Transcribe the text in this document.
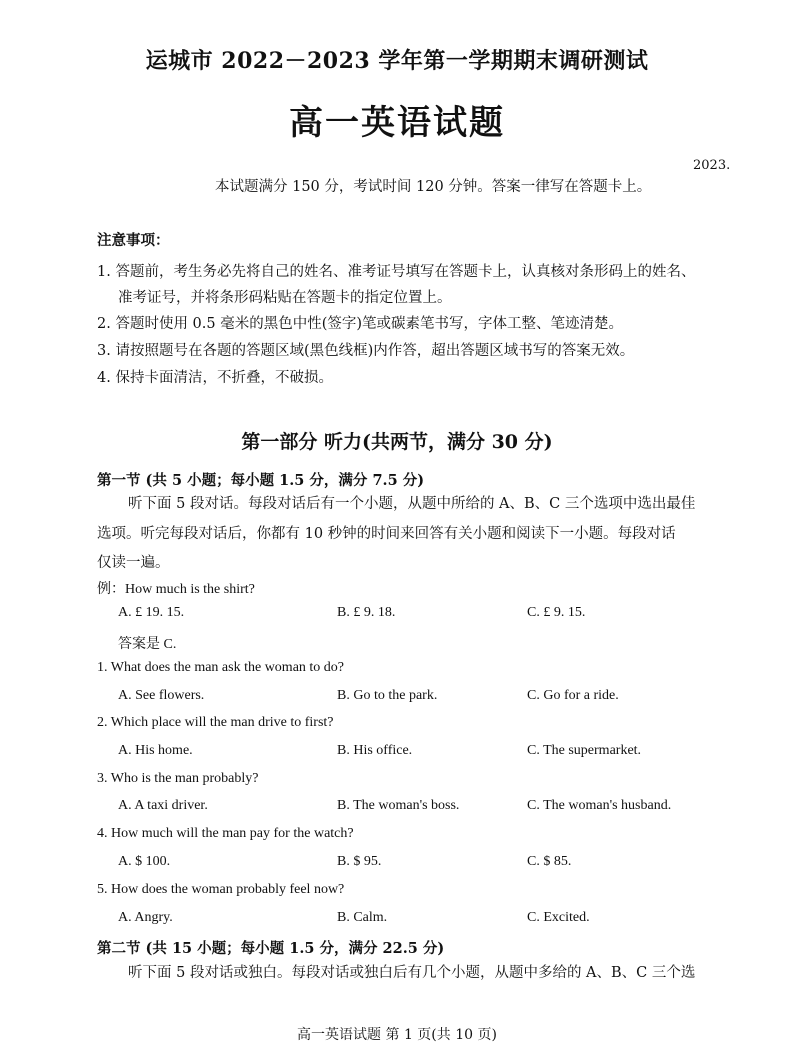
运城市 2022－2023 学年第一学期期末调研测试
高一英语试题
2023.
本试题满分 150 分，考试时间 120 分钟。答案一律写在答题卡上。
注意事项：
1. 答题前，考生务必先将自己的姓名、准考证号填写在答题卡上，认真核对条形码上的姓名、
准考证号，并将条形码粘贴在答题卡的指定位置上。
2. 答题时使用 0.5 毫米的黑色中性(签字)笔或碳素笔书写，字体工整、笔迹清楚。
3. 请按照题号在各题的答题区域(黑色线框)内作答，超出答题区域书写的答案无效。
4. 保持卡面清洁，不折叠，不破损。
第一部分 听力(共两节，满分 30 分)
第一节 (共 5 小题；每小题 1.5 分，满分 7.5 分)
听下面 5 段对话。每段对话后有一个小题，从题中所给的 A、B、C 三个选项中选出最佳
选项。听完每段对话后，你都有 10 秒钟的时间来回答有关小题和阅读下一小题。每段对话
仅读一遍。
例：How much is the shirt?
A. £ 19. 15.	B. £ 9. 18.	C. £ 9. 15.
答案是 C.
1. What does the man ask the woman to do?
A. See flowers.	B. Go to the park.	C. Go for a ride.
2. Which place will the man drive to first?
A. His home.	B. His office.	C. The supermarket.
3. Who is the man probably?
A. A taxi driver.	B. The woman's boss.	C. The woman's husband.
4. How much will the man pay for the watch?
A. $ 100.	B. $ 95.	C. $ 85.
5. How does the woman probably feel now?
A. Angry.	B. Calm.	C. Excited.
第二节 (共 15 小题；每小题 1.5 分，满分 22.5 分)
听下面 5 段对话或独白。每段对话或独白后有几个小题，从题中多给的 A、B、C 三个选
高一英语试题 第 1 页(共 10 页)
